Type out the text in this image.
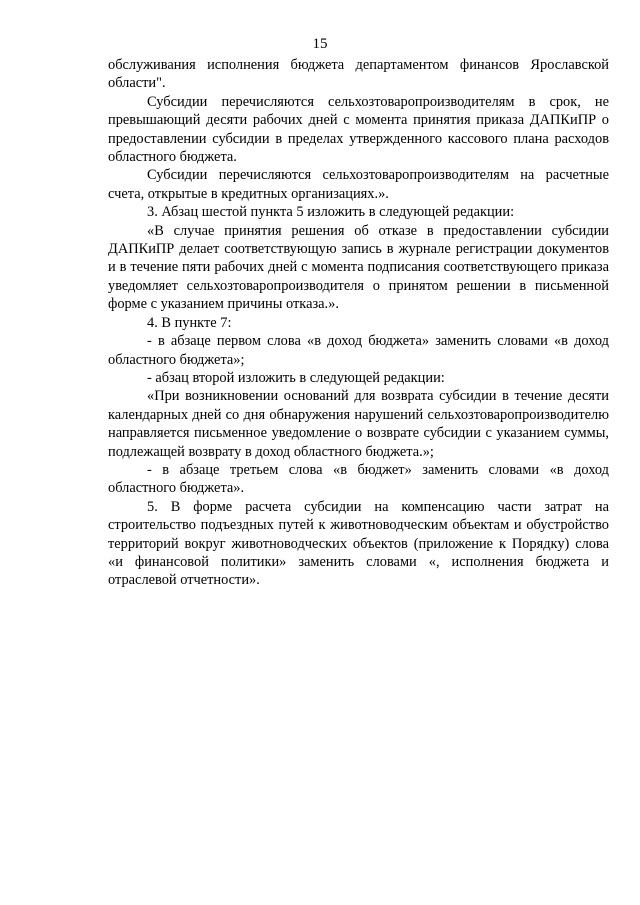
15

обслуживания исполнения бюджета департаментом финансов Ярославской области".

Субсидии перечисляются сельхозтоваропроизводителям в срок, не превышающий десяти рабочих дней с момента принятия приказа ДАПКиПР о предоставлении субсидии в пределах утвержденного кассового плана расходов областного бюджета.

Субсидии перечисляются сельхозтоваропроизводителям на расчетные счета, открытые в кредитных организациях.».

3. Абзац шестой пункта 5 изложить в следующей редакции:

«В случае принятия решения об отказе в предоставлении субсидии ДАПКиПР делает соответствующую запись в журнале регистрации документов и в течение пяти рабочих дней с момента подписания соответствующего приказа уведомляет сельхозтоваропроизводителя о принятом решении в письменной форме с указанием причины отказа.».

4. В пункте 7:

- в абзаце первом слова «в доход бюджета» заменить словами «в доход областного бюджета»;

- абзац второй изложить в следующей редакции:

«При возникновении оснований для возврата субсидии в течение десяти календарных дней со дня обнаружения нарушений сельхозтоваропроизводителю направляется письменное уведомление о возврате субсидии с указанием суммы, подлежащей возврату в доход областного бюджета.»;

- в абзаце третьем слова «в бюджет» заменить словами «в доход областного бюджета».

5. В форме расчета субсидии на компенсацию части затрат на строительство подъездных путей к животноводческим объектам и обустройство территорий вокруг животноводческих объектов (приложение к Порядку) слова «и финансовой политики» заменить словами «, исполнения бюджета и отраслевой отчетности».
